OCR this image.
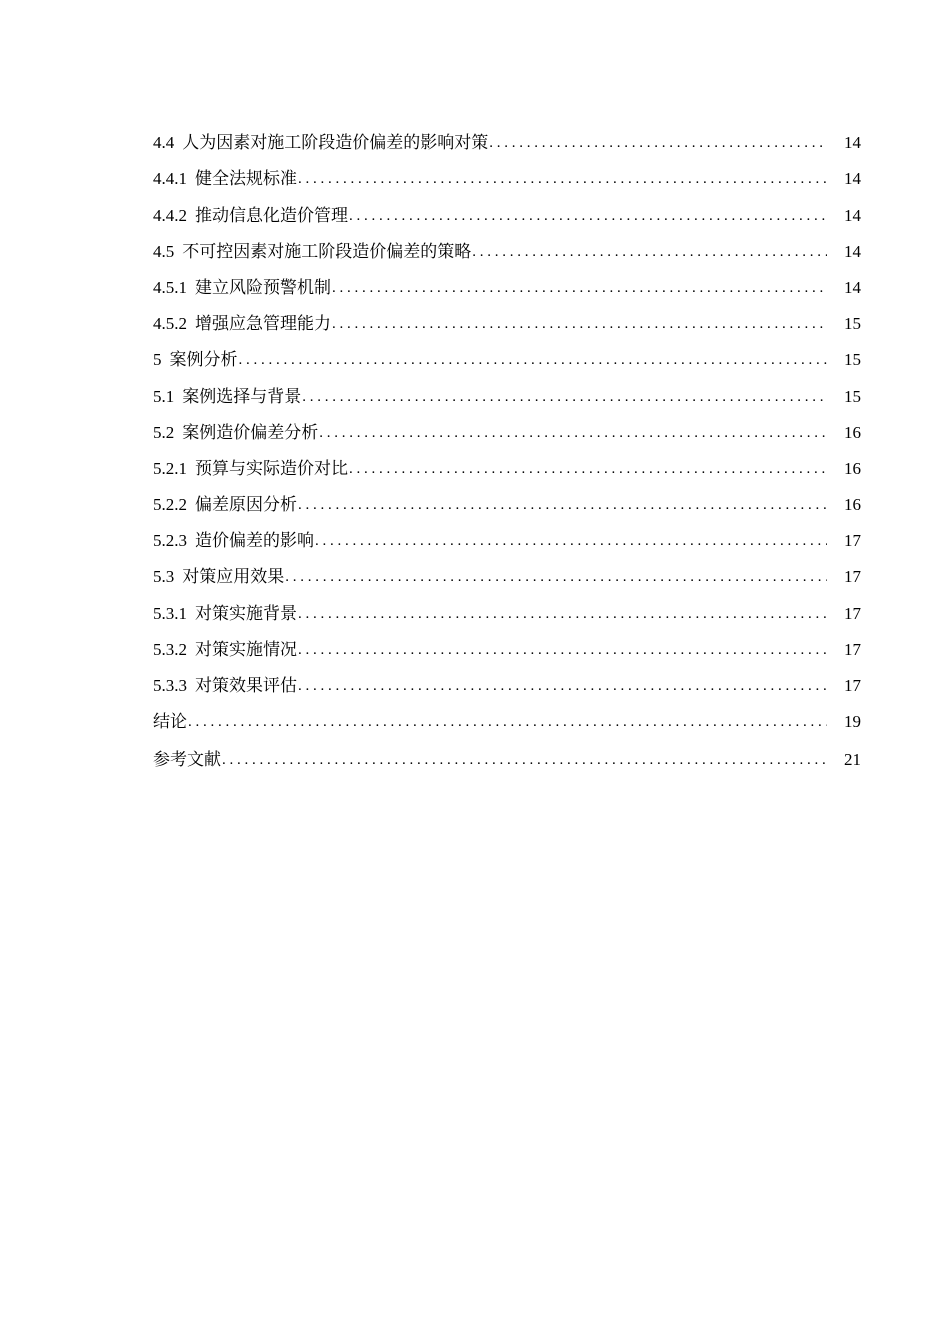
4.4 人为因素对施工阶段造价偏差的影响对策 . . .	14
4.4.1 健全法规标准 . . .	14
4.4.2 推动信息化造价管理 . . .	14
4.5 不可控因素对施工阶段造价偏差的策略 . . .	14
4.5.1 建立风险预警机制 . . .	14
4.5.2 增强应急管理能力 . . .	15
5 案例分析 . . .	15
5.1 案例选择与背景 . . .	15
5.2 案例造价偏差分析 . . .	16
5.2.1 预算与实际造价对比 . . .	16
5.2.2 偏差原因分析 . . .	16
5.2.3 造价偏差的影响 . . .	17
5.3 对策应用效果 . . .	17
5.3.1 对策实施背景 . . .	17
5.3.2 对策实施情况 . . .	17
5.3.3 对策效果评估 . . .	17
结论 . . .	19
参考文献 . . .	21
